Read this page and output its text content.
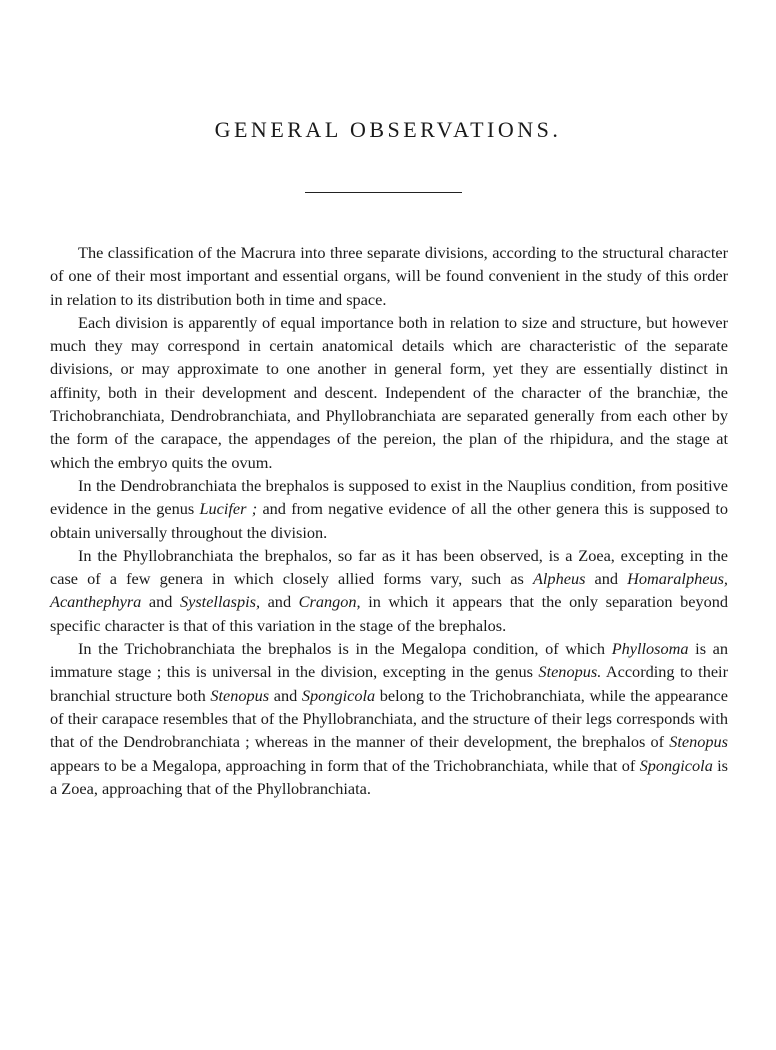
GENERAL OBSERVATIONS.

The classification of the Macrura into three separate divisions, according to the structural character of one of their most important and essential organs, will be found convenient in the study of this order in relation to its distribution both in time and space.

Each division is apparently of equal importance both in relation to size and structure, but however much they may correspond in certain anatomical details which are characteristic of the separate divisions, or may approximate to one another in general form, yet they are essentially distinct in affinity, both in their development and descent. Independent of the character of the branchiæ, the Trichobranchiata, Dendrobranchiata, and Phyllobranchiata are separated generally from each other by the form of the carapace, the appendages of the pereion, the plan of the rhipidura, and the stage at which the embryo quits the ovum.

In the Dendrobranchiata the brephalos is supposed to exist in the Nauplius condition, from positive evidence in the genus Lucifer ; and from negative evidence of all the other genera this is supposed to obtain universally throughout the division.

In the Phyllobranchiata the brephalos, so far as it has been observed, is a Zoea, excepting in the case of a few genera in which closely allied forms vary, such as Alpheus and Homaralpheus, Acanthephyra and Systellaspis, and Crangon, in which it appears that the only separation beyond specific character is that of this variation in the stage of the brephalos.

In the Trichobranchiata the brephalos is in the Megalopa condition, of which Phyllosoma is an immature stage ; this is universal in the division, excepting in the genus Stenopus. According to their branchial structure both Stenopus and Spongicola belong to the Trichobranchiata, while the appearance of their carapace resembles that of the Phyllobranchiata, and the structure of their legs corresponds with that of the Dendrobranchiata ; whereas in the manner of their development, the brephalos of Stenopus appears to be a Megalopa, approaching in form that of the Trichobranchiata, while that of Spongicola is a Zoea, approaching that of the Phyllobranchiata.
